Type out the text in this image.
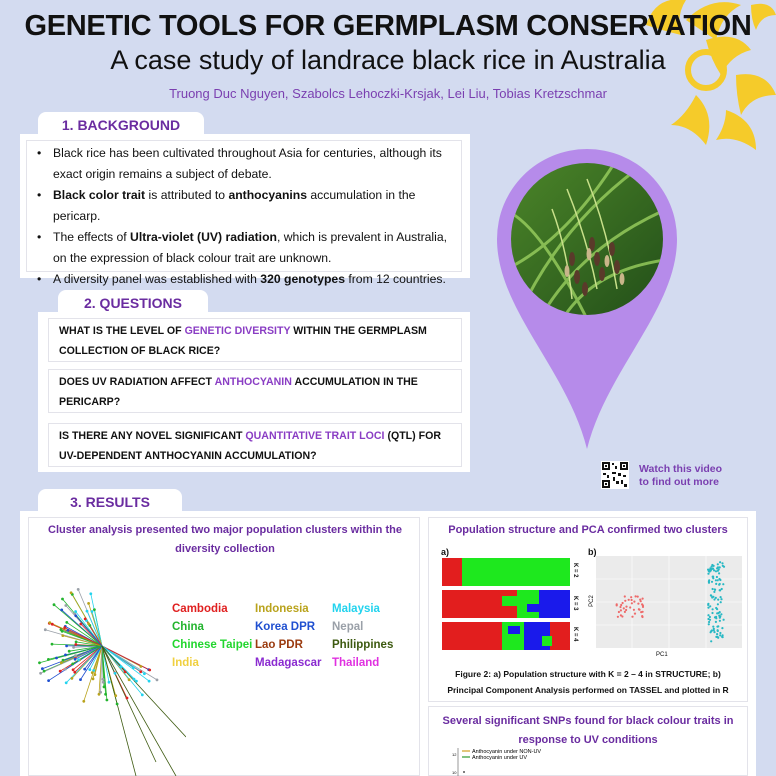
GENETIC TOOLS FOR GERMPLASM CONSERVATION
A case study of landrace black rice in Australia
Truong Duc Nguyen, Szabolcs Lehoczki-Krsjak, Lei Liu, Tobias Kretzschmar
1. BACKGROUND
• Black rice has been cultivated throughout Asia for centuries, although its exact origin remains a subject of debate.
• Black color trait is attributed to anthocyanins accumulation in the pericarp.
• The effects of Ultra-violet (UV) radiation, which is prevalent in Australia, on the expression of black colour trait are unknown.
• A diversity panel was established with 320 genotypes from 12 countries.
2. QUESTIONS
WHAT IS THE LEVEL OF GENETIC DIVERSITY WITHIN THE GERMPLASM COLLECTION OF BLACK RICE?
DOES UV RADIATION AFFECT ANTHOCYANIN ACCUMULATION IN THE PERICARP?
IS THERE ANY NOVEL SIGNIFICANT QUANTITATIVE TRAIT LOCI (QTL) FOR UV-DEPENDENT ANTHOCYANIN ACCUMULATION?
Watch this video
to find out more
3. RESULTS
Cluster analysis presented two major population clusters within the diversity collection
Cambodia Indonesia Malaysia
China	Korea DPR Nepal
Chinese Taipei Lao PDR	Philippines
India	Madagascar Thailand
Population structure and PCA confirmed two clusters
a)	b)
K = 2
K = 3
K = 4
PC2
PC1
Figure 2: a) Population structure with K = 2 – 4 in STRUCTURE; b)
Principal Component Analysis performed on TASSEL and plotted in R
Several significant SNPs found for black colour traits in response to UV conditions
12
10
Anthocyanin under NON-UV
Anthocyanin under UV
